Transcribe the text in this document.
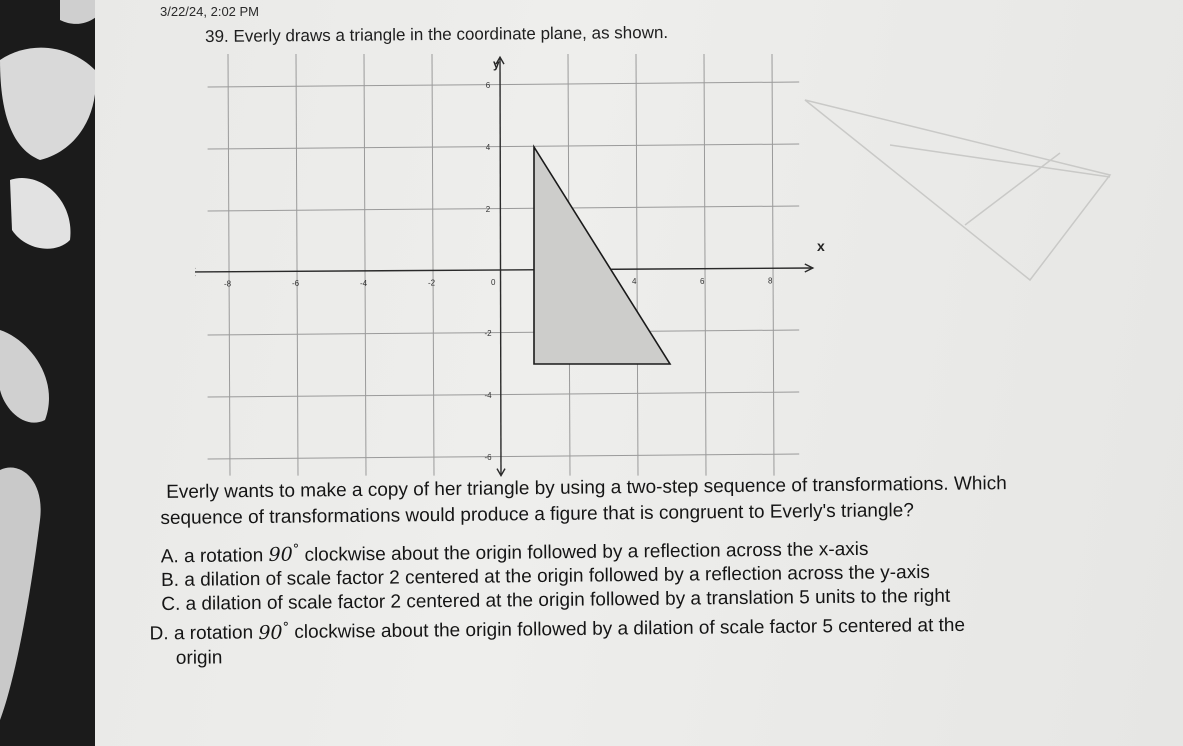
3/22/24, 2:02 PM
39. Everly draws a triangle in the coordinate plane, as shown.
-8	-6	-4	-2	0	4	6	8
6
4
2
-2
-4
-6
x
y

Everly wants to make a copy of her triangle by using a two-step sequence of transformations. Which

sequence of transformations would produce a figure that is congruent to Everly's triangle?

A. a rotation 90° clockwise about the origin followed by a reflection across the x-axis
B. a dilation of scale factor 2 centered at the origin followed by a reflection across the y-axis
C. a dilation of scale factor 2 centered at the origin followed by a translation 5 units to the right
D. a rotation 90° clockwise about the origin followed by a dilation of scale factor 5 centered at the
origin
